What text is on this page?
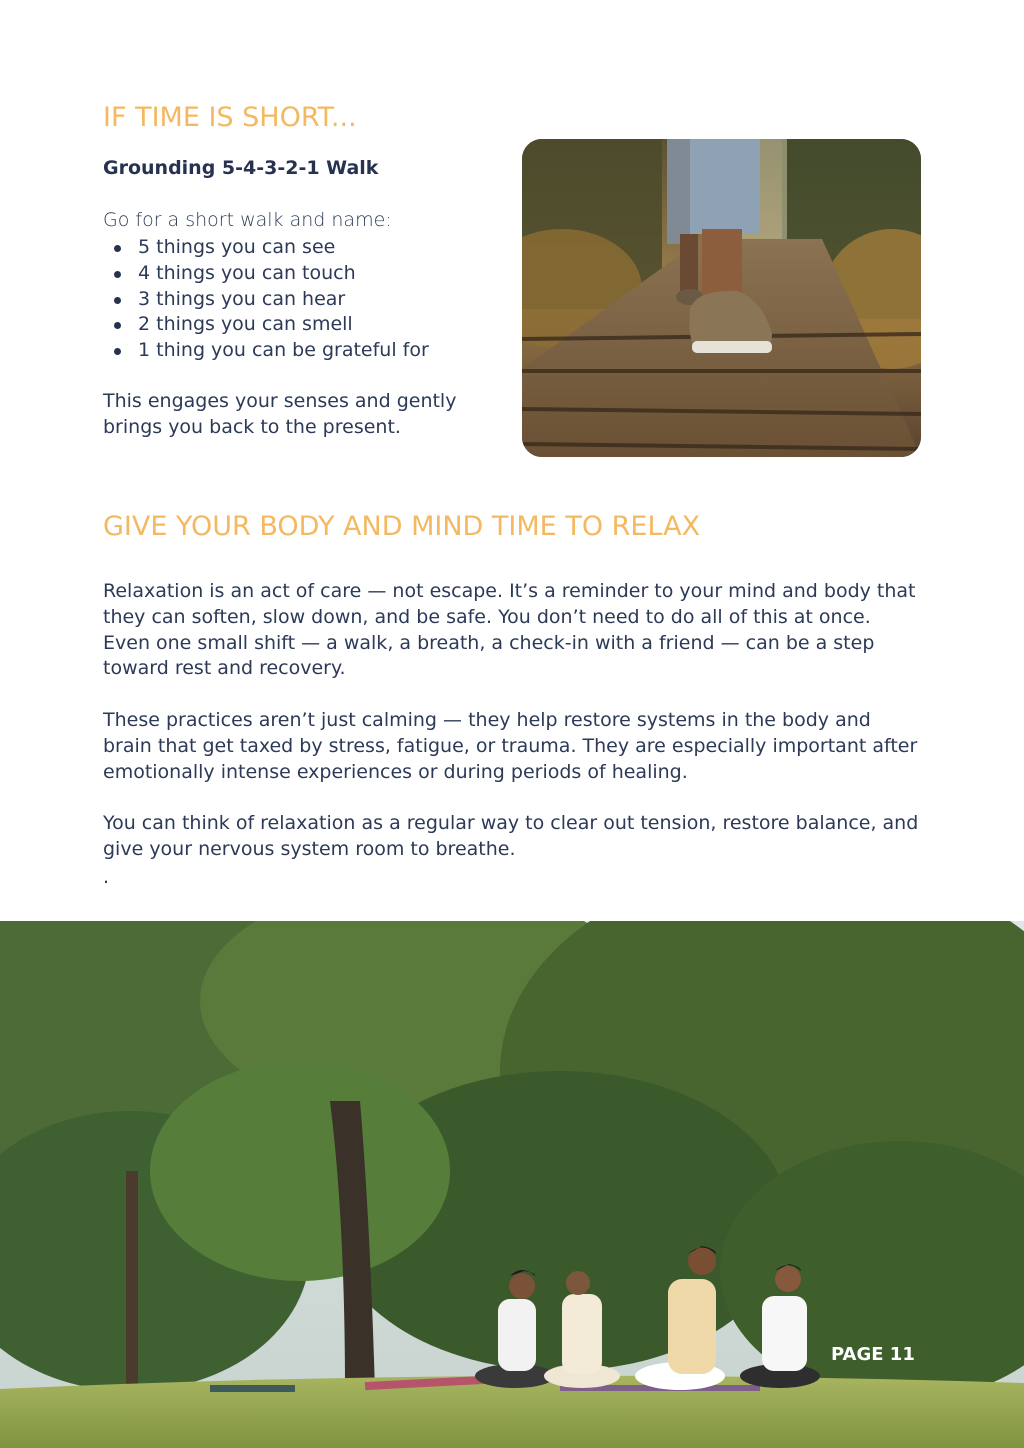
IF TIME IS SHORT...
Grounding 5-4-3-2-1 Walk

Go for a short walk and name:

5 things you can see
4 things you can touch
3 things you can hear
2 things you can smell
1 thing you can be grateful for

This engages your senses and gently brings you back to the present.

GIVE YOUR BODY AND MIND TIME TO RELAX

Relaxation is an act of care — not escape. It’s a reminder to your mind and body that they can soften, slow down, and be safe. You don’t need to do all of this at once. Even one small shift — a walk, a breath, a check-in with a friend — can be a step toward rest and recovery.

These practices aren’t just calming — they help restore systems in the body and brain that get taxed by stress, fatigue, or trauma. They are especially important after emotionally intense experiences or during periods of healing.

You can think of relaxation as a regular way to clear out tension, restore balance, and give your nervous system room to breathe.

.

PAGE 11
